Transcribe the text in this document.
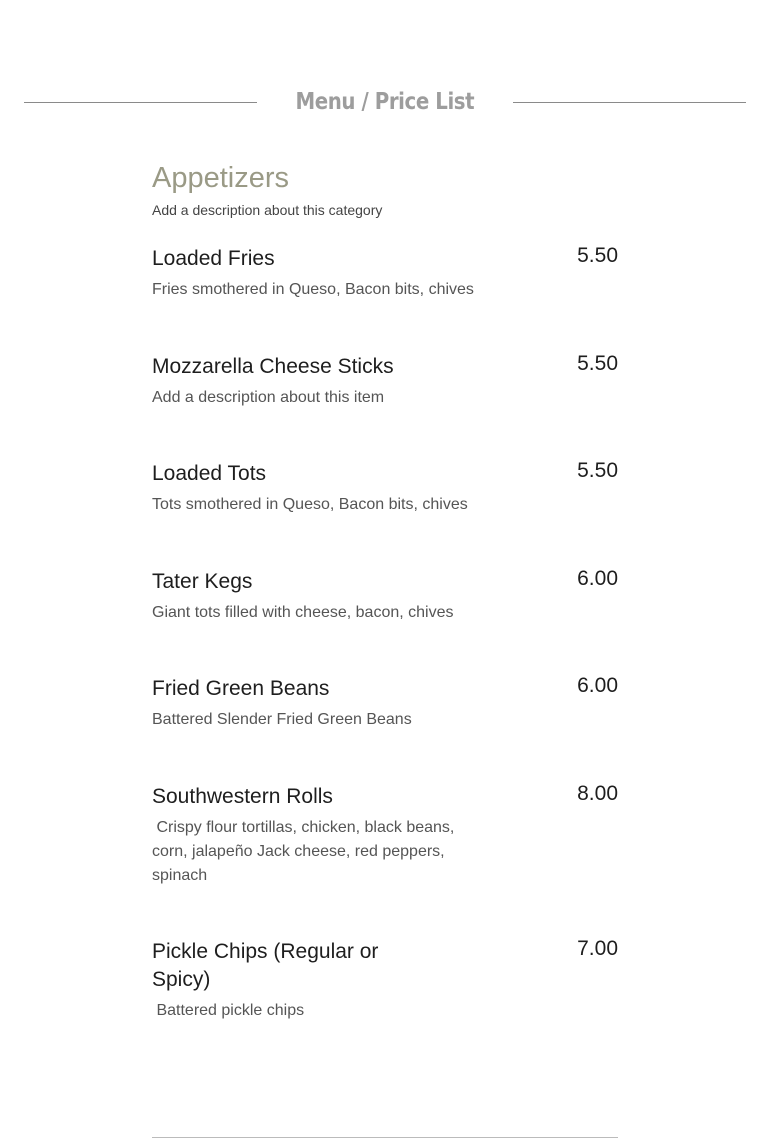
Menu / Price List
Appetizers
Add a description about this category
Loaded Fries
Fries smothered in Queso, Bacon bits, chives
5.50
Mozzarella Cheese Sticks
Add a description about this item
5.50
Loaded Tots
Tots smothered in Queso, Bacon bits, chives
5.50
Tater Kegs
Giant tots filled with cheese, bacon, chives
6.00
Fried Green Beans
Battered Slender Fried Green Beans
6.00
Southwestern Rolls
Crispy flour tortillas, chicken, black beans, corn, jalapeño Jack cheese, red peppers, spinach
8.00
Pickle Chips (Regular or Spicy)
Battered pickle chips
7.00
